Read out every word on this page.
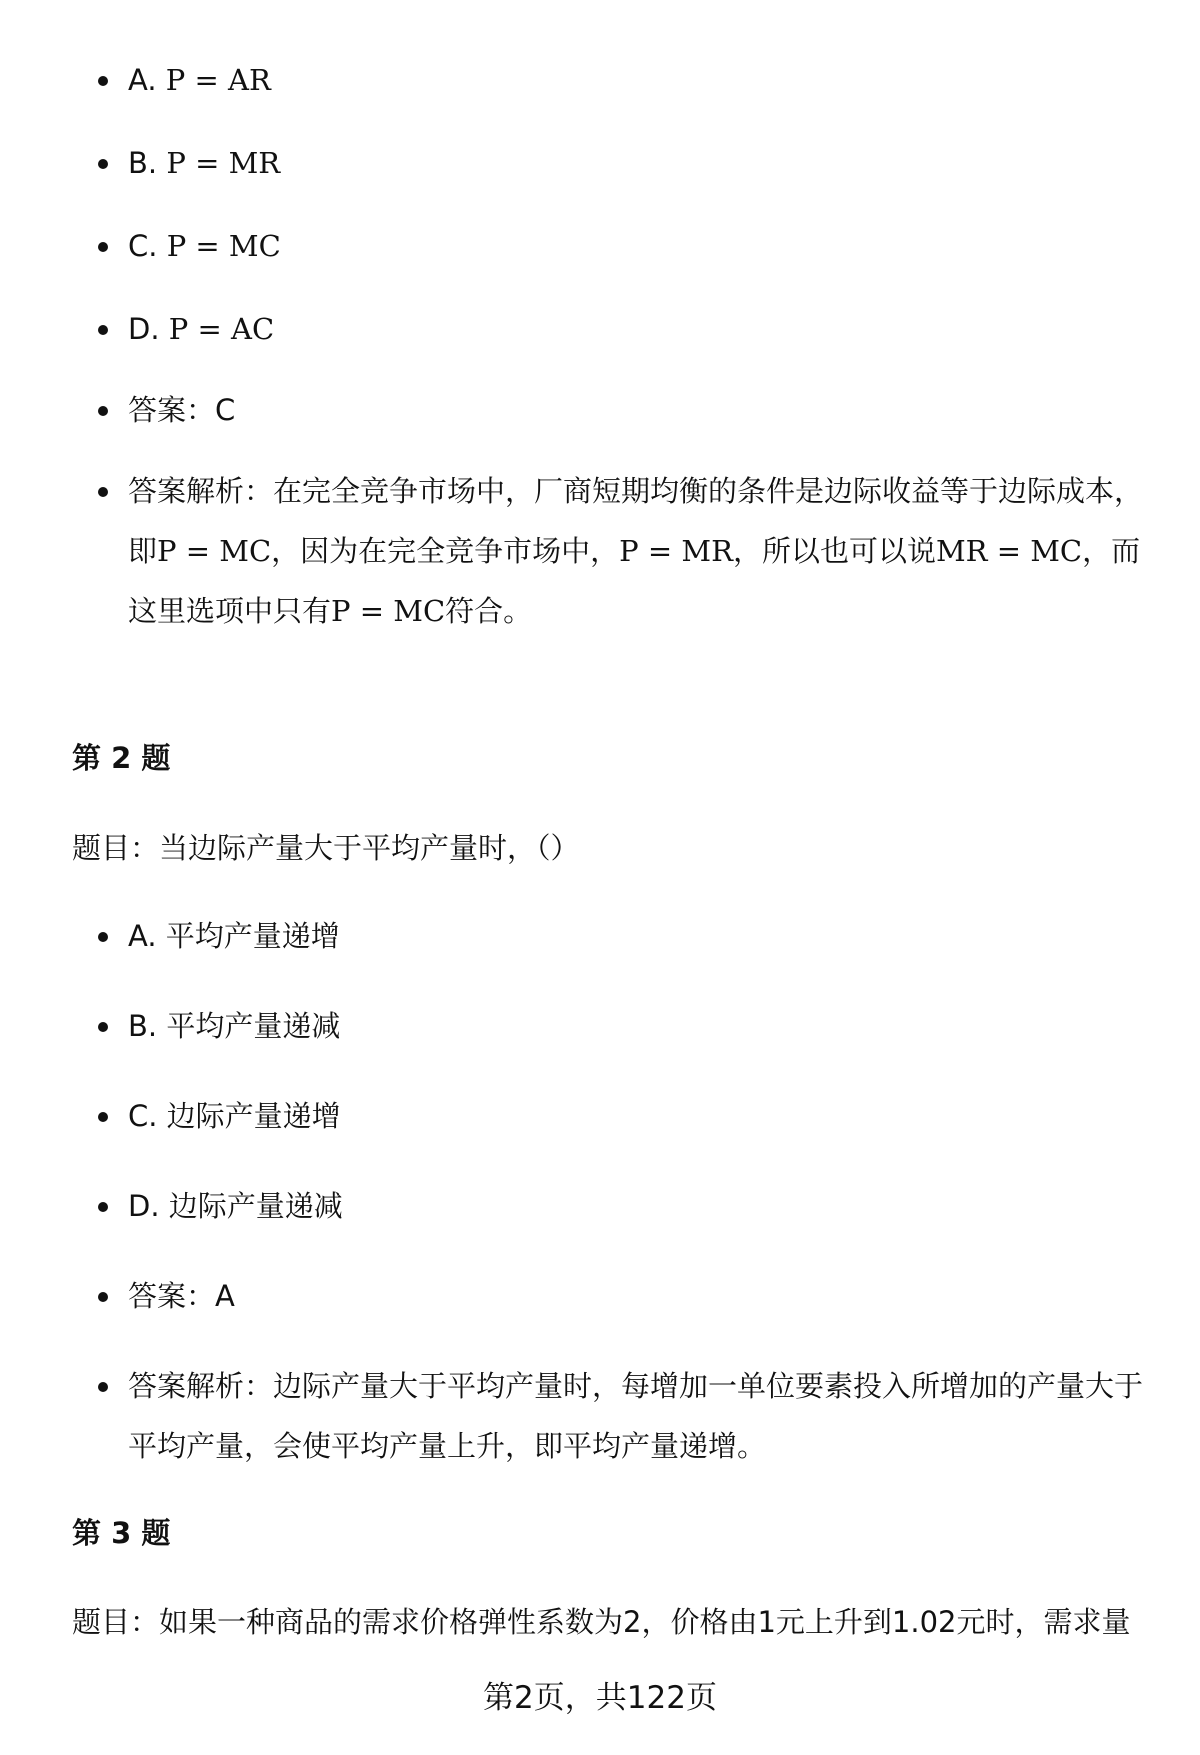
A. P = AR
B. P = MR
C. P = MC
D. P = AC
答案：C
答案解析：在完全竞争市场中，厂商短期均衡的条件是边际收益等于边际成本，即P = MC，因为在完全竞争市场中，P = MR，所以也可以说MR = MC，而这里选项中只有P = MC符合。
第 2 题
题目：当边际产量大于平均产量时，（）
A. 平均产量递增
B. 平均产量递减
C. 边际产量递增
D. 边际产量递减
答案：A
答案解析：边际产量大于平均产量时，每增加一单位要素投入所增加的产量大于平均产量，会使平均产量上升，即平均产量递增。
第 3 题
题目：如果一种商品的需求价格弹性系数为2，价格由1元上升到1.02元时，需求量
第2页，共122页
